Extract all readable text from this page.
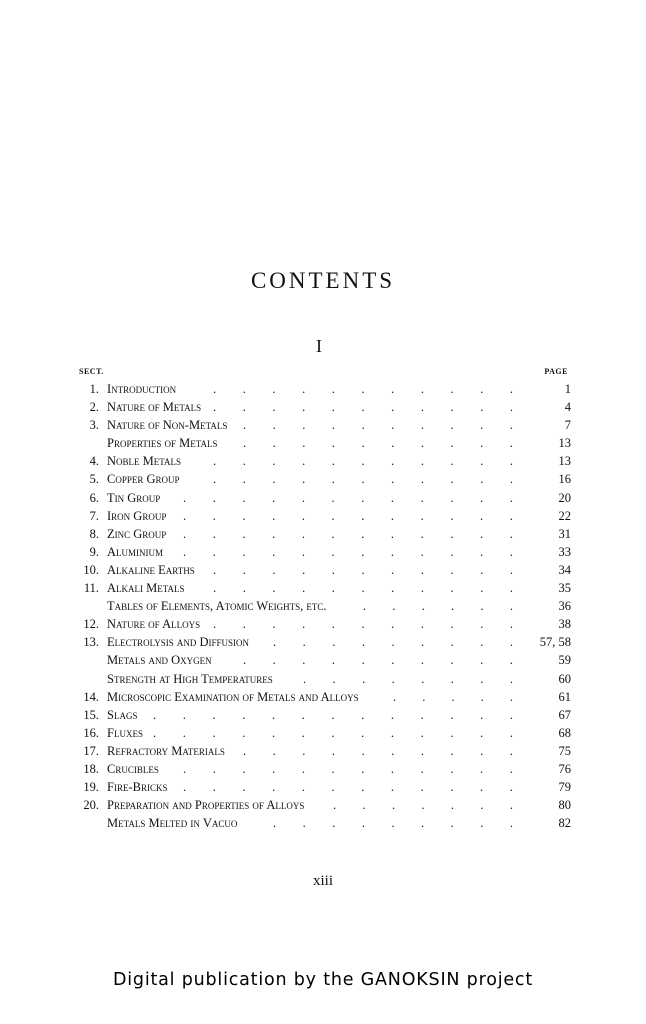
CONTENTS
I
SECT.	PAGE
1. Introduction	. . . . . . . . . . .	1
2. Nature of Metals . . . . . . . . . . .	4
3. Nature of Non-Metals . . . . . . . . . .	7
Properties of Metals . . . . . . . . . .	13
4. Noble Metals	. . . . . . . . . . .	13
5. Copper Group	. . . . . . . . . . .	16
6. Tin Group . . . . . . . . . . . .	20
7. Iron Group . . . . . . . . . . . .	22
8. Zinc Group . . . . . . . . . . . .	31
9. Aluminium . . . . . . . . . . . .	33
10. Alkaline Earths . . . . . . . . . . .	34
11. Alkali Metals . . . . . . . . . . .	35
Tables of Elements, Atomic Weights, etc.	. . . . . .	36
12. Nature of Alloys . . . . . . . . . . .	38
13. Electrolysis and Diffusion . . . . . . . . .	57, 58
Metals and Oxygen	. . . . . . . . . .	59
Strength at High Temperatures . . . . . . . .	60
14. Microscopic Examination of Metals and Alloys	. . . . .	61
15. Slags . . . . . . . . . . . . .	67
16. Fluxes . . . . . . . . . . . . .	68
17. Refractory Materials . . . . . . . . . .	75
18. Crucibles . . . . . . . . . . . .	76
19. Fire-Bricks . . . . . . . . . . . .	79
20. Preparation and Properties of Alloys . . . . . . .	80
Metals Melted in Vacuo	. . . . . . . . .	82
xiii
Digital publication by the GANOKSIN project
